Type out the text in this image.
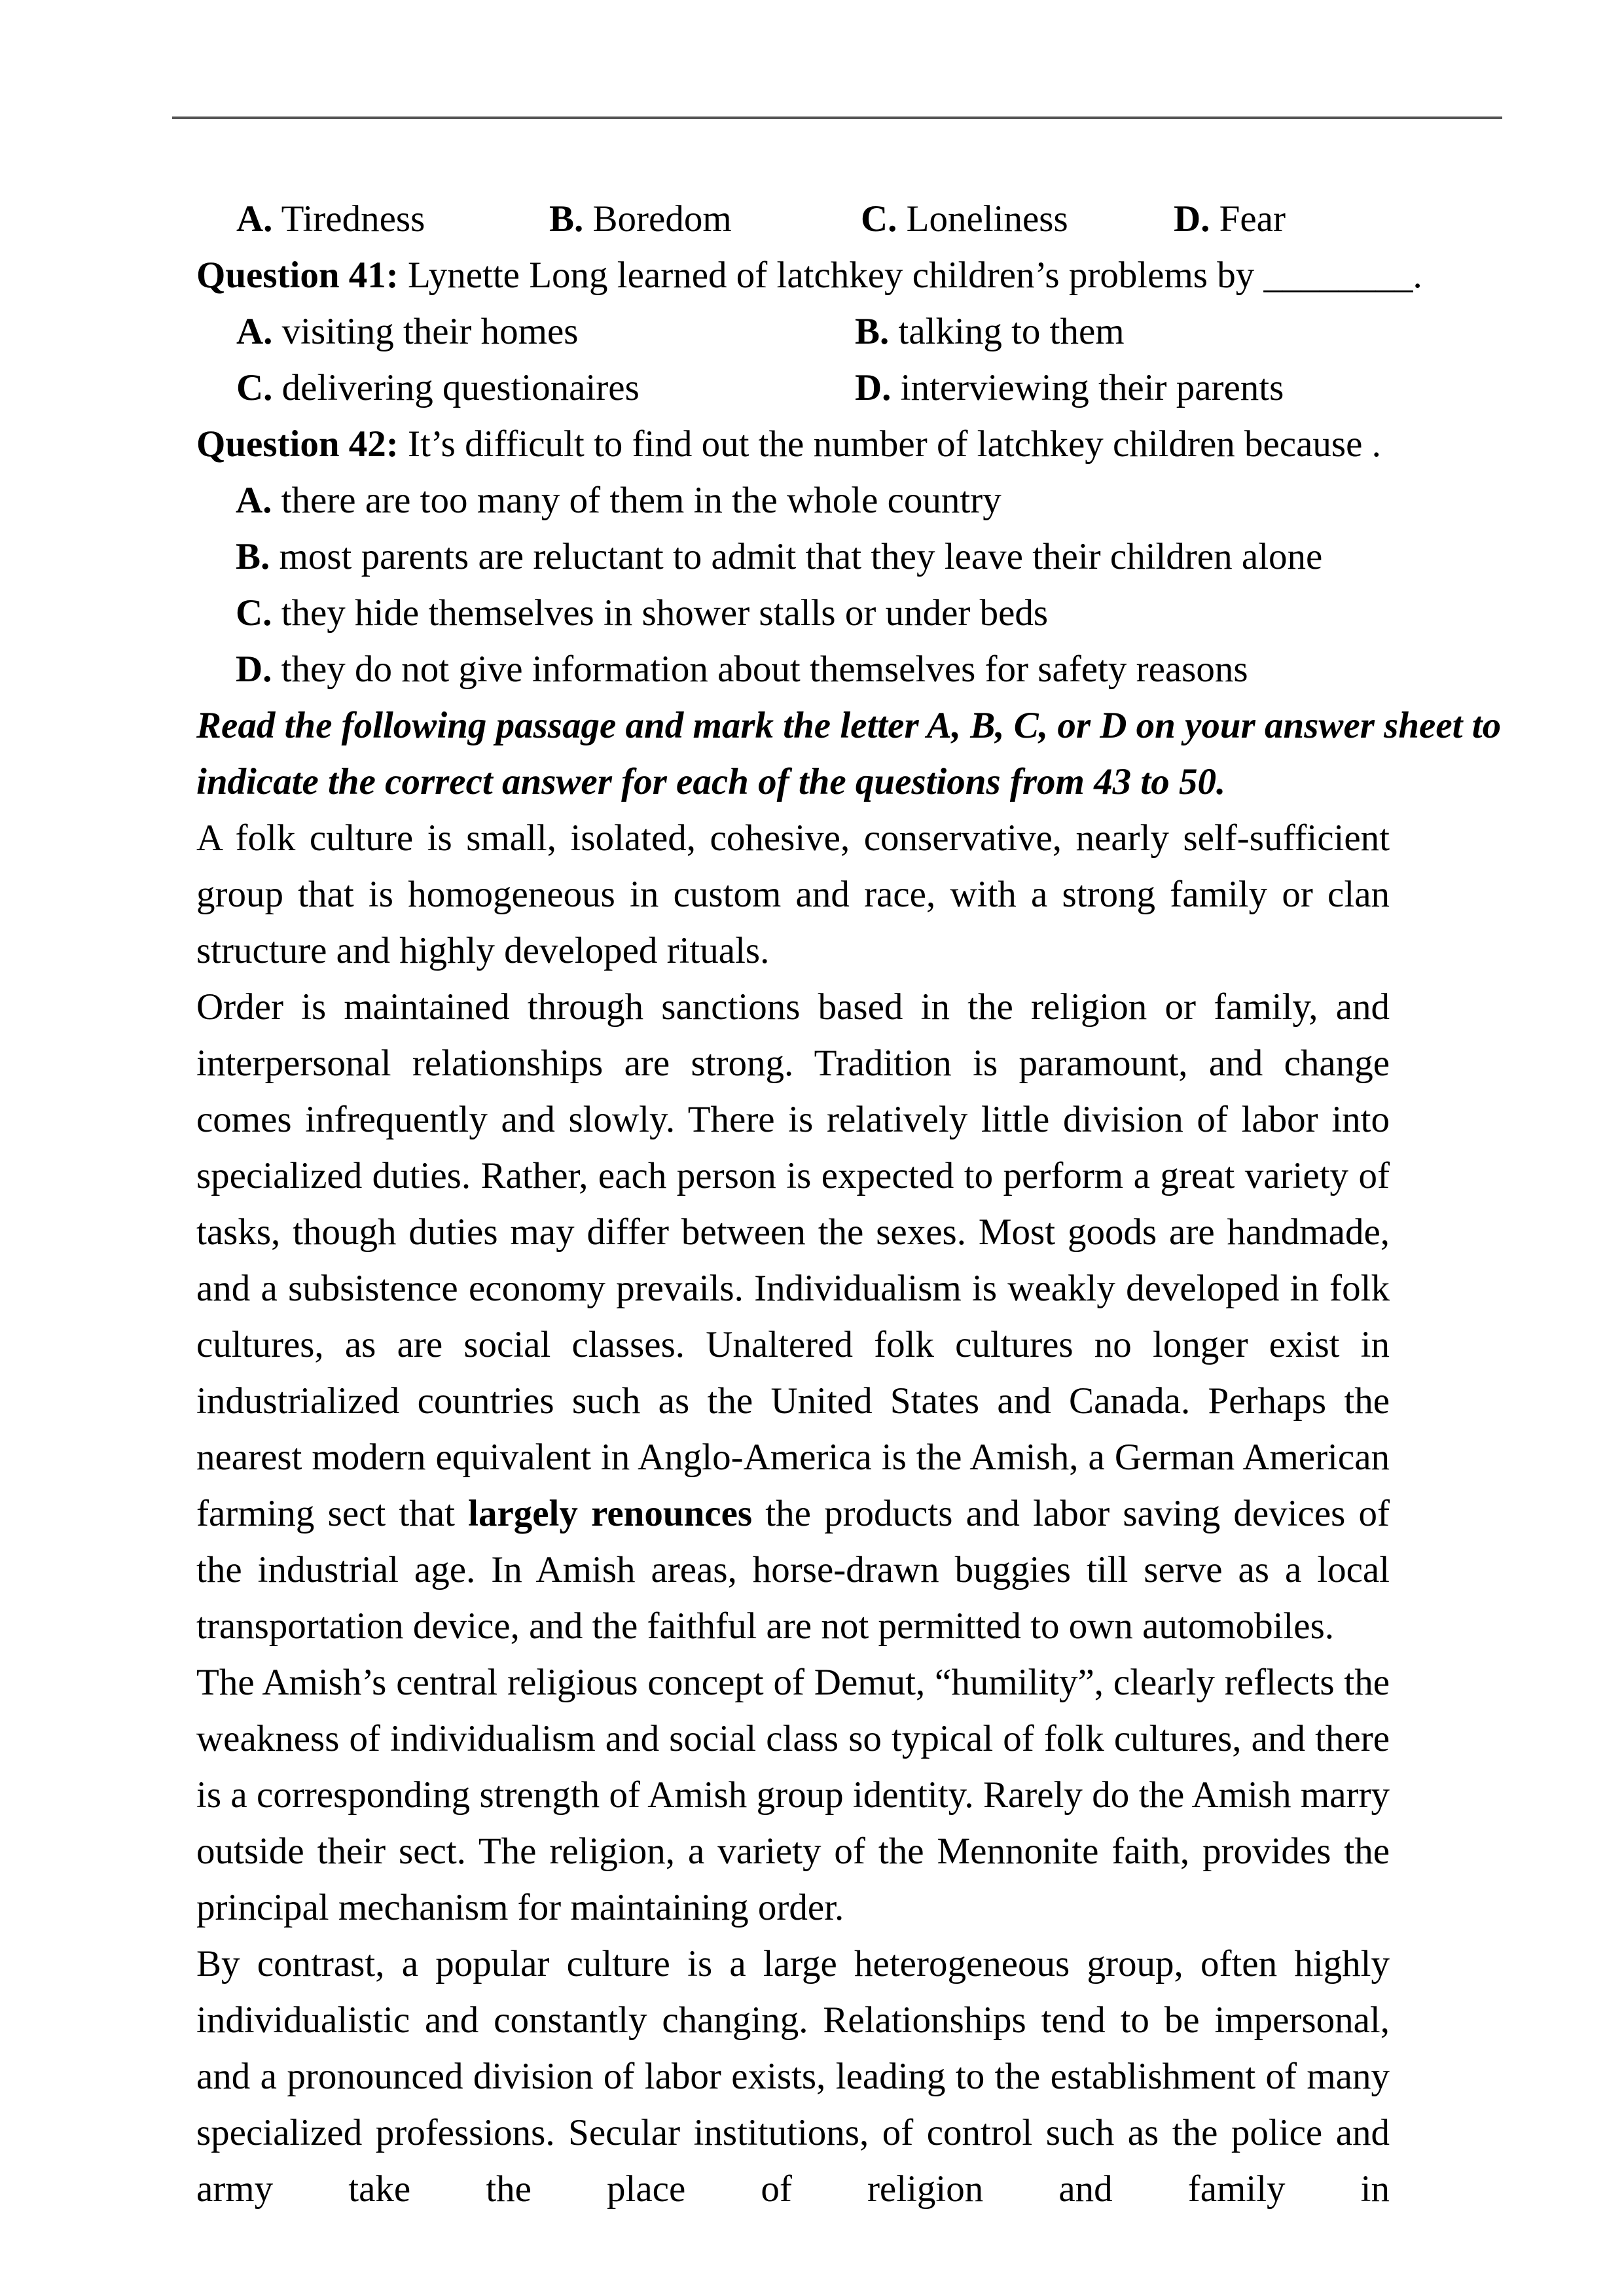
A. Tiredness	B. Boredom	C. Loneliness	D. Fear
Question 41: Lynette Long learned of latchkey children’s problems by ________.
A. visiting their homes	B. talking to them
C. delivering questionaires	D. interviewing their parents
Question 42: It’s difficult to find out the number of latchkey children because .
A. there are too many of them in the whole country
B. most parents are reluctant to admit that they leave their children alone
C. they hide themselves in shower stalls or under beds
D. they do not give information about themselves for safety reasons
Read the following passage and mark the letter A, B, C, or D on your answer sheet to
indicate the correct answer for each of the questions from 43 to 50.

A folk culture is small, isolated, cohesive, conservative, nearly self-sufficient group that is homogeneous in custom and race, with a strong family or clan structure and highly developed rituals.

Order is maintained through sanctions based in the religion or family, and interpersonal relationships are strong. Tradition is paramount, and change comes infrequently and slowly. There is relatively little division of labor into specialized duties. Rather, each person is expected to perform a great variety of tasks, though duties may differ between the sexes. Most goods are handmade, and a subsistence economy prevails. Individualism is weakly developed in folk cultures, as are social classes. Unaltered folk cultures no longer exist in industrialized countries such as the United States and Canada. Perhaps the nearest modern equivalent in Anglo-America is the Amish, a German American farming sect that largely renounces the products and labor saving devices of the industrial age. In Amish areas, horse-drawn buggies till serve as a local transportation device, and the faithful are not permitted to own automobiles.

The Amish’s central religious concept of Demut, “humility”, clearly reflects the weakness of individualism and social class so typical of folk cultures, and there is a corresponding strength of Amish group identity. Rarely do the Amish marry outside their sect. The religion, a variety of the Mennonite faith, provides the principal mechanism for maintaining order.

By contrast, a popular culture is a large heterogeneous group, often highly individualistic and constantly changing. Relationships tend to be impersonal, and a pronounced division of labor exists, leading to the establishment of many specialized professions. Secular institutions, of control such as the police and army take the place of religion and family in
